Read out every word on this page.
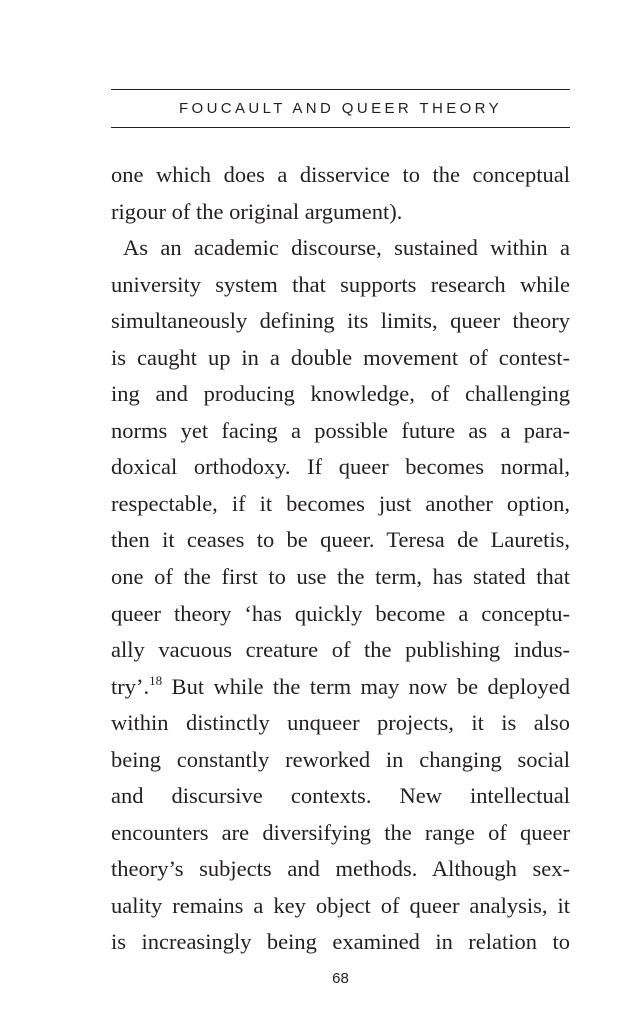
FOUCAULT AND QUEER THEORY
one which does a disservice to the conceptual
rigour of the original argument).
As an academic discourse, sustained within a
university system that supports research while
simultaneously defining its limits, queer theory
is caught up in a double movement of contest-
ing and producing knowledge, of challenging
norms yet facing a possible future as a para-
doxical orthodoxy. If queer becomes normal,
respectable, if it becomes just another option,
then it ceases to be queer. Teresa de Lauretis,
one of the first to use the term, has stated that
queer theory ‘has quickly become a conceptu-
ally vacuous creature of the publishing indus-
try’.$^{18}$ But while the term may now be deployed
within distinctly unqueer projects, it is also
being constantly reworked in changing social
and discursive contexts. New intellectual
encounters are diversifying the range of queer
theory’s subjects and methods. Although sex-
uality remains a key object of queer analysis, it
is increasingly being examined in relation to
68
